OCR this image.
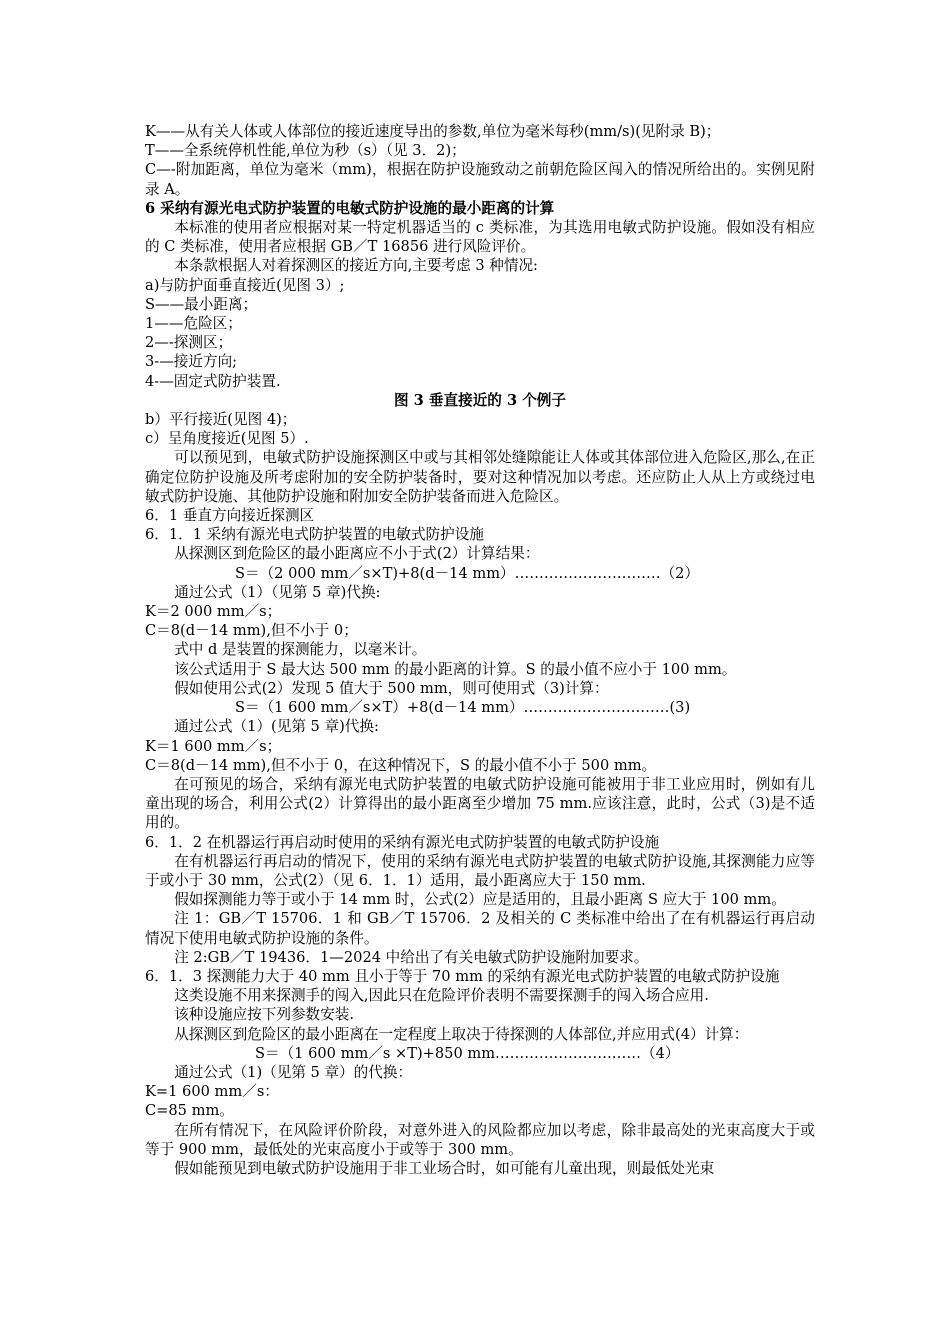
K——从有关人体或人体部位的接近速度导出的参数,单位为毫米每秒(mm/s)(见附录 B)；

T——全系统停机性能,单位为秒（s）（见 3．2)；

C—-附加距离，单位为毫米（mm)，根据在防护设施致动之前朝危险区闯入的情况所给出的。实例见附录 A。

6 采纳有源光电式防护装置的电敏式防护设施的最小距离的计算

本标准的使用者应根据对某一特定机器适当的 c 类标准，为其选用电敏式防护设施。假如没有相应的 C 类标准，使用者应根据 GB／T 16856 进行风险评价。

本条款根据人对着探测区的接近方向,主要考虑 3 种情况:

a)与防护面垂直接近(见图 3）;

S——最小距离；

1——危险区；

2—-探测区；

3-—接近方向;

4-—固定式防护装置.

图 3 垂直接近的 3 个例子

b）平行接近(见图 4)；

c）呈角度接近(见图 5）.

可以预见到，电敏式防护设施探测区中或与其相邻处缝隙能让人体或其体部位进入危险区,那么,在正确定位防护设施及所考虑附加的安全防护装备时，要对这种情况加以考虑。还应防止人从上方或绕过电敏式防护设施、其他防护设施和附加安全防护装备而进入危险区。

6．1 垂直方向接近探测区

6．1．1 采纳有源光电式防护装置的电敏式防护设施

从探测区到危险区的最小距离应不小于式(2）计算结果：

S＝（2 000 mm／s×T)+8(d－14 mm）…………………………（2）

通过公式（1）（见第 5 章)代换:

K＝2 000 mm／s；

C＝8(d－14 mm),但不小于 0；

式中 d 是装置的探测能力，以毫米计。

该公式适用于 S 最大达 500 mm 的最小距离的计算。S 的最小值不应小于 100 mm。

假如使用公式(2）发现 5 值大于 500 mm，则可使用式（3)计算：

S＝（1 600 mm／s×T）+8(d－14 mm）…………………………(3)

通过公式（1）(见第 5 章)代换:

K＝1 600 mm／s；

C＝8(d－14 mm),但不小于 0，在这种情况下，S 的最小值不小于 500 mm。

在可预见的场合，采纳有源光电式防护装置的电敏式防护设施可能被用于非工业应用时，例如有儿童出现的场合，利用公式(2）计算得出的最小距离至少增加 75 mm.应该注意，此时，公式（3)是不适用的。

6．1．2 在机器运行再启动时使用的采纳有源光电式防护装置的电敏式防护设施

在有机器运行再启动的情况下，使用的采纳有源光电式防护装置的电敏式防护设施,其探测能力应等于或小于 30 mm，公式(2）（见 6．1．1）适用，最小距离应大于 150 mm.

假如探测能力等于或小于 14 mm 时，公式(2）应是适用的，且最小距离 S 应大于 100 mm。

注 1：GB／T 15706．1 和 GB／T 15706．2 及相关的 C 类标准中给出了在有机器运行再启动情况下使用电敏式防护设施的条件。

注 2:GB／T 19436．1—2024 中给出了有关电敏式防护设施附加要求。

6．1．3 探测能力大于 40 mm 且小于等于 70 mm 的采纳有源光电式防护装置的电敏式防护设施

这类设施不用来探测手的闯入,因此只在危险评价表明不需要探测手的闯入场合应用.

该种设施应按下列参数安装.

从探测区到危险区的最小距离在一定程度上取决于待探测的人体部位,并应用式(4）计算：

S＝（1 600 mm／s ×T)+850 mm…………………………（4）

通过公式（1)（见第 5 章）的代换：

K=1 600 mm／s：

C=85 mm。

在所有情况下，在风险评价阶段，对意外进入的风险都应加以考虑，除非最高处的光束高度大于或等于 900 mm，最低处的光束高度小于或等于 300 mm。

假如能预见到电敏式防护设施用于非工业场合时，如可能有儿童出现，则最低处光束
